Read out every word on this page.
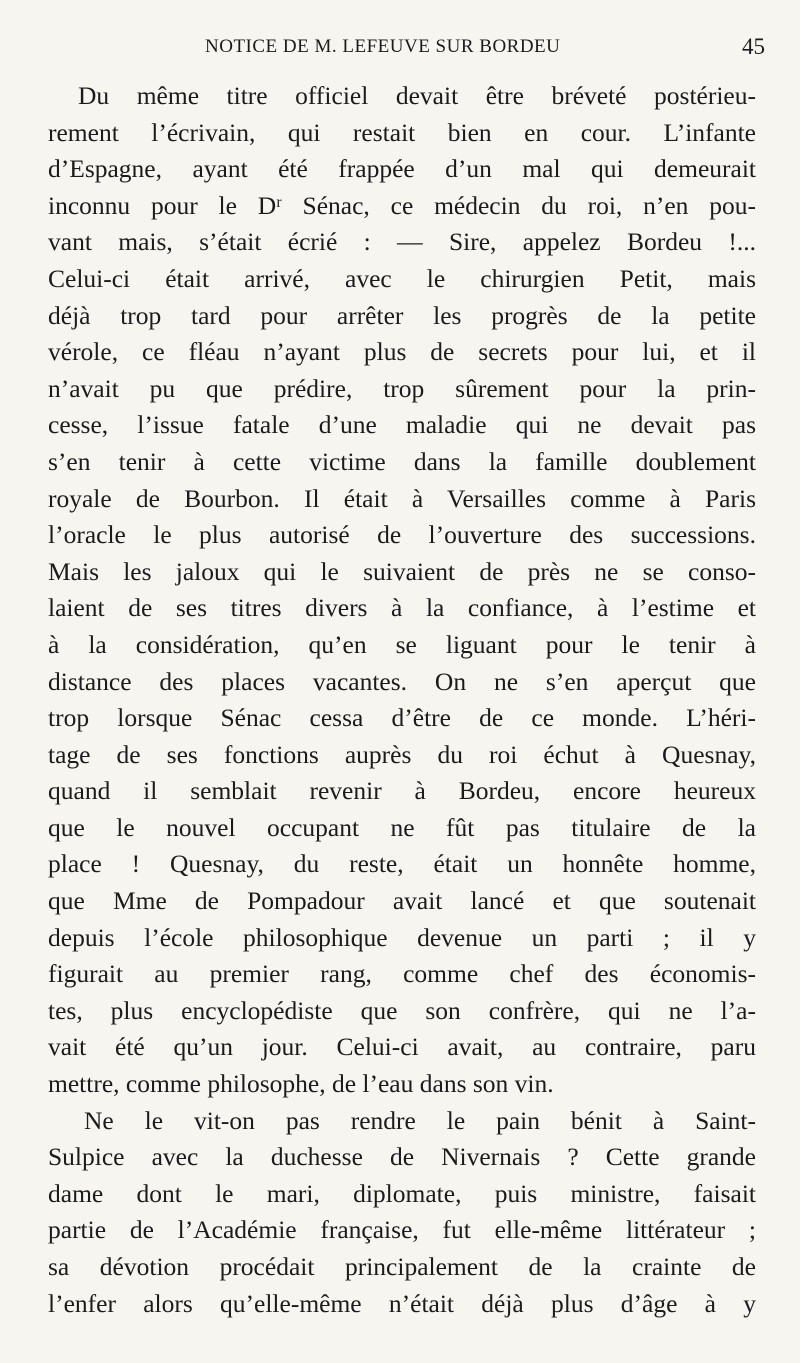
NOTICE DE M. LEFEUVE SUR BORDEU	45
Du même titre officiel devait être brévеté postérieu-
rement l’écrivain, qui restait bien en cour. L’infante
d’Espagne, ayant été frappée d’un mal qui demeurait
inconnu pour le Dʳ Sénac, ce médecin du roi, n’en pou-
vant mais, s’était écrié : — Sire, appelez Bordeu !...
Celui-ci était arrivé, avec le chirurgien Petit, mais
déjà trop tard pour arrêter les progrès de la petite
vérole, ce fléau n’ayant plus de secrets pour lui, et il
n’avait pu que prédire, trop sûrement pour la prin-
cesse, l’issue fatale d’une maladie qui ne devait pas
s’en tenir à cette victime dans la famille doublement
royale de Bourbon. Il était à Versailles comme à Paris
l’oracle le plus autorisé de l’ouverture des successions.
Mais les jaloux qui le suivaient de près ne se conso-
laient de ses titres divers à la confiance, à l’estime et
à la considération, qu’en se liguant pour le tenir à
distance des places vacantes. On ne s’en aperçut que
trop lorsque Sénac cessa d’être de ce monde. L’héri-
tage de ses fonctions auprès du roi échut à Quesnay,
quand il semblait revenir à Bordeu, encore heureux
que le nouvel occupant ne fût pas titulaire de la
place ! Quesnay, du reste, était un honnête homme,
que Mme de Pompadour avait lancé et que soutenait
depuis l’école philosophique devenue un parti ; il y
figurait au premier rang, comme chef des économis-
tes, plus encyclopédiste que son confrère, qui ne l’a-
vait été qu’un jour. Celui-ci avait, au contraire, paru
mettre, comme philosophe, de l’eau dans son vin.
Ne le vit-on pas rendre le pain bénit à Saint-
Sulpice avec la duchesse de Nivernais ? Cette grande
dame dont le mari, diplomate, puis ministre, faisait
partie de l’Académie française, fut elle-même littérateur ;
sa dévotion procédait principalement de la crainte de
l’enfer alors qu’elle-même n’était déjà plus d’âge à y
